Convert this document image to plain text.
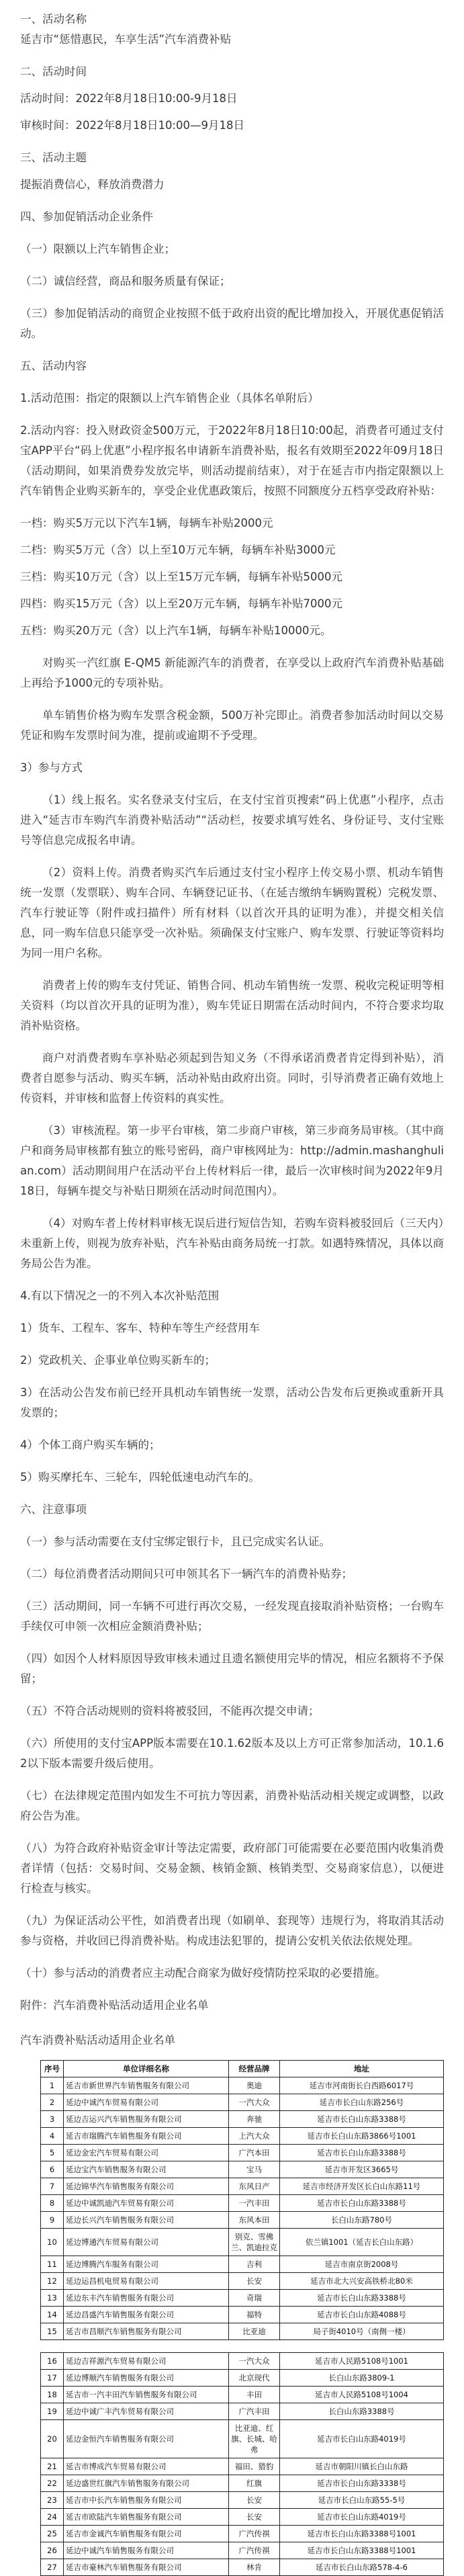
一、活动名称

延吉市“惩惜惠民，车享生活”汽车消费补贴

二、活动时间

活动时间：2022年8月18日10:00-9月18日

审核时间：2022年8月18日10:00—9月18日

三、活动主题

提振消费信心，释放消费潜力

四、参加促销活动企业条件

（一）限额以上汽车销售企业；

（二）诚信经营，商品和服务质量有保证；

（三）参加促销活动的商贸企业按照不低于政府出资的配比增加投入，开展优惠促销活动。

五、活动内容

1.活动范围：指定的限额以上汽车销售企业（具体名单附后）

2.活动内容：投入财政资金500万元，于2022年8月18日10:00起，消费者可通过支付宝APP平台“码上优惠”小程序报名申请新车消费补贴，报名有效期至2022年09月18日（活动期间，如果消费券发放完毕，则活动提前结束），对于在延吉市内指定限额以上汽车销售企业购买新车的，享受企业优惠政策后，按照不同额度分五档享受政府补贴：

一档：购买5万元以下汽车1辆，每辆车补贴2000元

二档：购买5万元（含）以上至10万元车辆，每辆车补贴3000元

三档：购买10万元（含）以上至15万元车辆，每辆车补贴5000元

四档：购买15万元（含）以上至20万元车辆，每辆车补贴7000元

五档：购买20万元（含）以上汽车1辆，每辆车补贴10000元。

对购买一汽红旗 E-QM5 新能源汽车的消费者，在享受以上政府汽车消费补贴基础上再给予1000元的专项补贴。

单车销售价格为购车发票含税金额，500万补完即止。消费者参加活动时间以交易凭证和购车发票时间为准，提前或逾期不予受理。

3）参与方式

（1）线上报名。实名登录支付宝后，在支付宝首页搜索“码上优惠”小程序，点击进入“延吉市车购汽车消费补贴活动”“活动栏，按要求填写姓名、身份证号、支付宝账号等信息完成报名申请。

（2）资料上传。消费者购买汽车后通过支付宝小程序上传交易小票、机动车销售统一发票（发票联）、购车合同、车辆登记证书、（在延吉缴纳车辆购置税）完税发票、汽车行驶证等（附件或扫描件）所有材料（以首次开具的证明为准），并提交相关信息，同一购车信息只能享受一次补贴。须确保支付宝账户、购车发票、行驶证等资料均为同一用户名称。

消费者上传的购车支付凭证、销售合同、机动车销售统一发票、税收完税证明等相关资料（均以首次开具的证明为准），购车凭证日期需在活动时间内，不符合要求均取消补贴资格。

商户对消费者购车享补贴必须起到告知义务（不得承诺消费者肯定得到补贴），消费者自愿参与活动、购买车辆，活动补贴由政府出资。同时，引导消费者正确有效地上传资料，并审核和监督上传资料的真实性。

（3）审核流程。第一步平台审核，第二步商户审核，第三步商务局审核。（其中商户和商务局审核都有独立的账号密码，商户审核网址为：http://admin.mashanghulian.com）活动期间用户在活动平台上传材料后一律，最后一次审核时间为2022年9月18日，每辆车提交与补贴日期须在活动时间范围内）。

（4）对购车者上传材料审核无误后进行短信告知，若购车资料被驳回后（三天内）未重新上传，则视为放弃补贴，汽车补贴由商务局统一打款。如遇特殊情况，具体以商务局公告为准。

4.有以下情况之一的不列入本次补贴范围

1）货车、工程车、客车、特种车等生产经营用车

2）党政机关、企事业单位购买新车的；

3）在活动公告发布前已经开具机动车销售统一发票，活动公告发布后更换或重新开具发票的；

4）个体工商户购买车辆的；

5）购买摩托车、三轮车，四轮低速电动汽车的。

六、注意事项

（一）参与活动需要在支付宝绑定银行卡，且已完成实名认证。

（二）每位消费者活动期间只可申领其名下一辆汽车的消费补贴券；

（三）活动期间，同一车辆不可进行再次交易，一经发现直接取消补贴资格；一台购车手续仅可申领一次相应金额消费补贴；

（四）如因个人材料原因导致审核未通过且遗名额使用完毕的情况，相应名额将不予保留；

（五）不符合活动规则的资料将被驳回，不能再次提交申请；

（六）所使用的支付宝APP版本需要在10.1.62版本及以上方可正常参加活动，10.1.62以下版本需要升级后使用。

（七）在法律规定范围内如发生不可抗力等因素，消费补贴活动相关规定或调整，以政府公告为准。

（八）为符合政府补贴资金审计等法定需要，政府部门可能需要在必要范围内收集消费者详情（包括：交易时间、交易金额、核销金额、核销类型、交易商家信息），以便进行检查与核实。

（九）为保证活动公平性，如消费者出现（如刷单、套现等）违规行为，将取消其活动参与资格，并收回已得消费补贴。构成违法犯罪的，提请公安机关依法依规处理。

（十）参与活动的消费者应主动配合商家为做好疫情防控采取的必要措施。

附件：汽车消费补贴活动适用企业名单

汽车消费补贴活动适用企业名单
序号	单位详细名称	经营品牌	地址
1	延吉市新世界汽车销售服务有限公司	奥迪	延吉市河南街长白西路6017号
2	延边中诚汽车贸易有限公司	一汽大众	延吉市长白山东路256号
3	延边吉运兴汽车销售服务有限公司	奔驰	延吉市长白山东路3388号
4	延吉市瑞腾汽车销售服务有限公司	上汽大众	延吉市长白山东路3866号1001
5	延边金宏汽车贸易有限公司	广汽本田	延吉市长白山东路3388号
6	延边宝汽车销售服务有限公司	宝马	延吉市开发区3665号
7	延边锦华汽车销售服务有限公司	东风日产	延吉市经济开发区长白山东路11号
8	延边中诚凯迪汽车贸易有限公司	一汽丰田	延吉市长白山东路3388号
9	延边长兴汽车销售服务有限公司	东风本田	长白山东路780号
10	延边博通汽车贸易有限公司	别克、雪佛兰、凯迪拉克	依兰镇1001（延吉长白山东路）
11	延边博腾汽车服务有限公司	吉利	延吉市南京街2008号
12	延边运昌机电贸易有限公司	长安	延吉市北大兴安高铁桥北80米
13	延边东丰汽车销售服务有限公司	奇瑞	延吉市长白山东路3388号
14	延边昌盛汽车销售服务有限公司	福特	延吉市长白山东路4088号
15	延吉市昌顺汽车销售服务有限公司	比亚迪	局子街4010号（南侧一楼）

16	延边吉祥源汽车贸易有限公司	一汽大众	延吉市人民路5108号1001
17	延边博顺汽车销售服务有限公司	北京现代	长白山东路3809-1
18	延吉市一汽丰田汽车销售服务有限公司	丰田	延吉市人民路5108号1004
19	延边中诚广丰汽车贸易有限公司	广汽丰田	长白山东路3388号
20	延边金恒汽车销售服务有限公司	比亚迪、红旗、长城、哈弗	延吉市长白山东路4019号
21	延吉市博成汽车贸易有限公司	福田、猎豹	延吉市朝阳川镇长白山东路
22	延边盛世红旗汽车销售服务有限公司	红旗	延吉市长白山东路3338号
23	延吉市中长汽车销售服务有限公司	长安	延吉市长白山东路55-5号
24	延吉市欧陆汽车销售服务有限公司	长安	延吉市长白山东路4019号
25	延吉市金诚汽车销售服务有限公司	广汽传祺	延吉市长白山东路3388号1001
26	延边中诚汽车销售服务有限公司	广汽传祺	延吉市长白山东路3388号1001
27	延吉市豪林汽车销售服务有限公司	林肯	延吉市长白山东路578-4-6
